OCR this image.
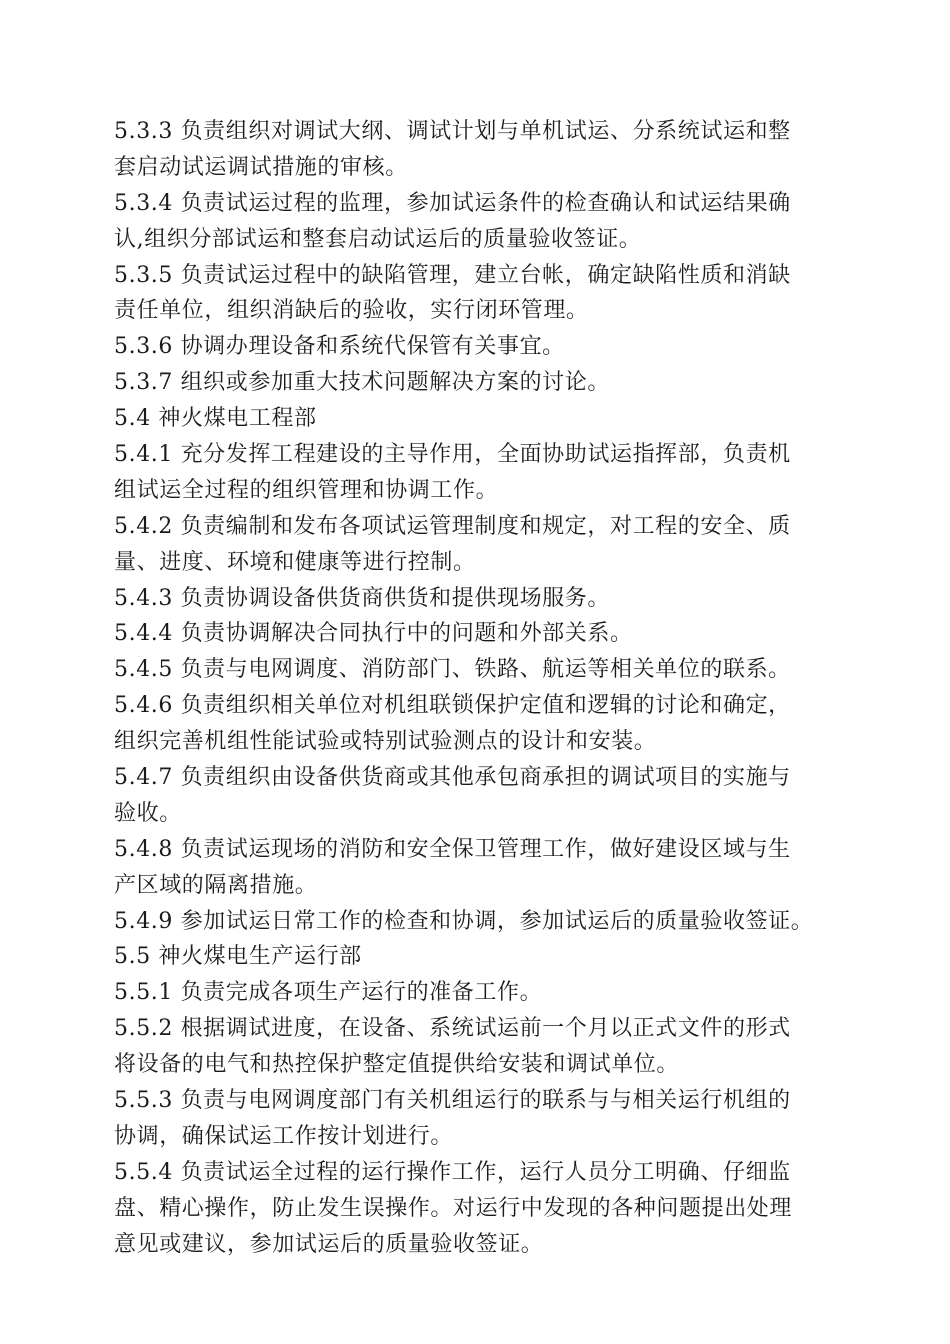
5.3.3 负责组织对调试大纲、调试计划与单机试运、分系统试运和整
套启动试运调试措施的审核。
5.3.4 负责试运过程的监理，参加试运条件的检查确认和试运结果确
认,组织分部试运和整套启动试运后的质量验收签证。
5.3.5 负责试运过程中的缺陷管理，建立台帐，确定缺陷性质和消缺
责任单位，组织消缺后的验收，实行闭环管理。
5.3.6 协调办理设备和系统代保管有关事宜。
5.3.7 组织或参加重大技术问题解决方案的讨论。
5.4 神火煤电工程部
5.4.1 充分发挥工程建设的主导作用，全面协助试运指挥部，负责机
组试运全过程的组织管理和协调工作。
5.4.2 负责编制和发布各项试运管理制度和规定，对工程的安全、质
量、进度、环境和健康等进行控制。
5.4.3 负责协调设备供货商供货和提供现场服务。
5.4.4 负责协调解决合同执行中的问题和外部关系。
5.4.5 负责与电网调度、消防部门、铁路、航运等相关单位的联系。
5.4.6 负责组织相关单位对机组联锁保护定值和逻辑的讨论和确定，
组织完善机组性能试验或特别试验测点的设计和安装。
5.4.7 负责组织由设备供货商或其他承包商承担的调试项目的实施与
验收。
5.4.8 负责试运现场的消防和安全保卫管理工作，做好建设区域与生
产区域的隔离措施。
5.4.9 参加试运日常工作的检查和协调，参加试运后的质量验收签证。
5.5 神火煤电生产运行部
5.5.1 负责完成各项生产运行的准备工作。
5.5.2 根据调试进度，在设备、系统试运前一个月以正式文件的形式
将设备的电气和热控保护整定值提供给安装和调试单位。
5.5.3 负责与电网调度部门有关机组运行的联系与与相关运行机组的
协调，确保试运工作按计划进行。
5.5.4 负责试运全过程的运行操作工作，运行人员分工明确、仔细监
盘、精心操作，防止发生误操作。对运行中发现的各种问题提出处理
意见或建议，参加试运后的质量验收签证。
